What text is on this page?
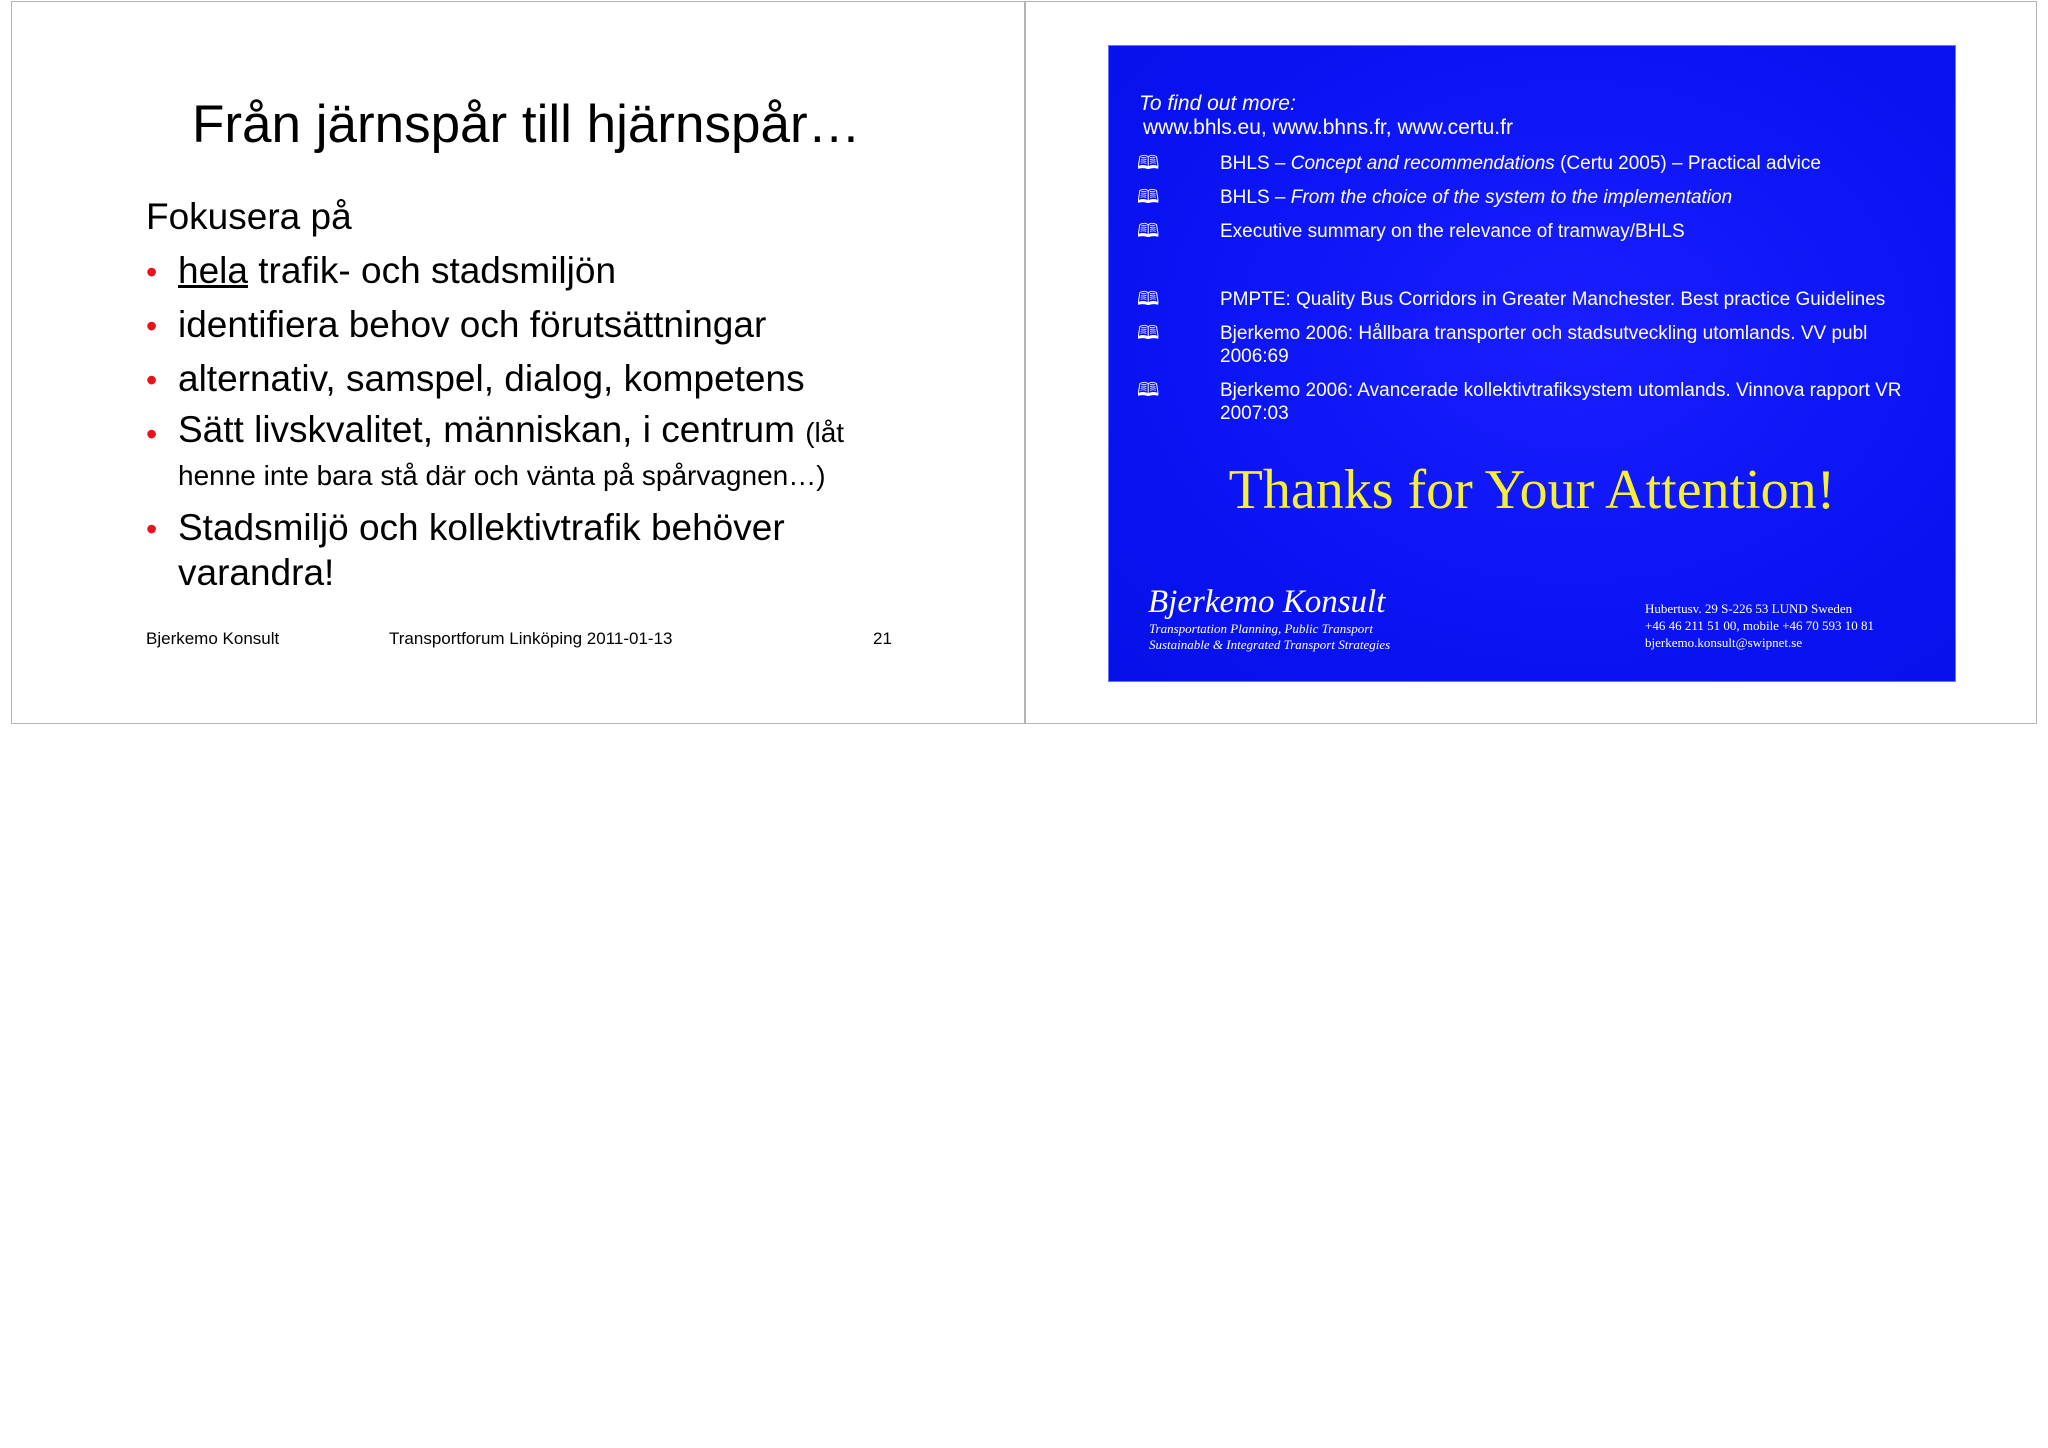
Från järnspår till hjärnspår…
Fokusera på
• hela trafik- och stadsmiljön
• identifiera behov och förutsättningar
• alternativ, samspel, dialog, kompetens
• Sätt livskvalitet, människan, i centrum (låt henne inte bara stå där och vänta på spårvagnen…)
• Stadsmiljö och kollektivtrafik behöver varandra!
Bjerkemo Konsult	Transportforum Linköping 2011-01-13	21
To find out more:
www.bhls.eu, www.bhns.fr, www.certu.fr
🕮	BHLS – Concept and recommendations (Certu 2005) – Practical advice
🕮	BHLS – From the choice of the system to the implementation
🕮	Executive summary on the relevance of tramway/BHLS
🕮	PMPTE: Quality Bus Corridors in Greater Manchester. Best practice Guidelines
🕮	Bjerkemo 2006: Hållbara transporter och stadsutveckling utomlands. VV publ 2006:69
🕮	Bjerkemo 2006: Avancerade kollektivtrafiksystem utomlands. Vinnova rapport VR 2007:03
Thanks for Your Attention!
Bjerkemo Konsult
Transportation Planning, Public Transport
Sustainable & Integrated Transport Strategies
Hubertusv. 29 S-226 53 LUND Sweden
+46 46 211 51 00, mobile +46 70 593 10 81
bjerkemo.konsult@swipnet.se
